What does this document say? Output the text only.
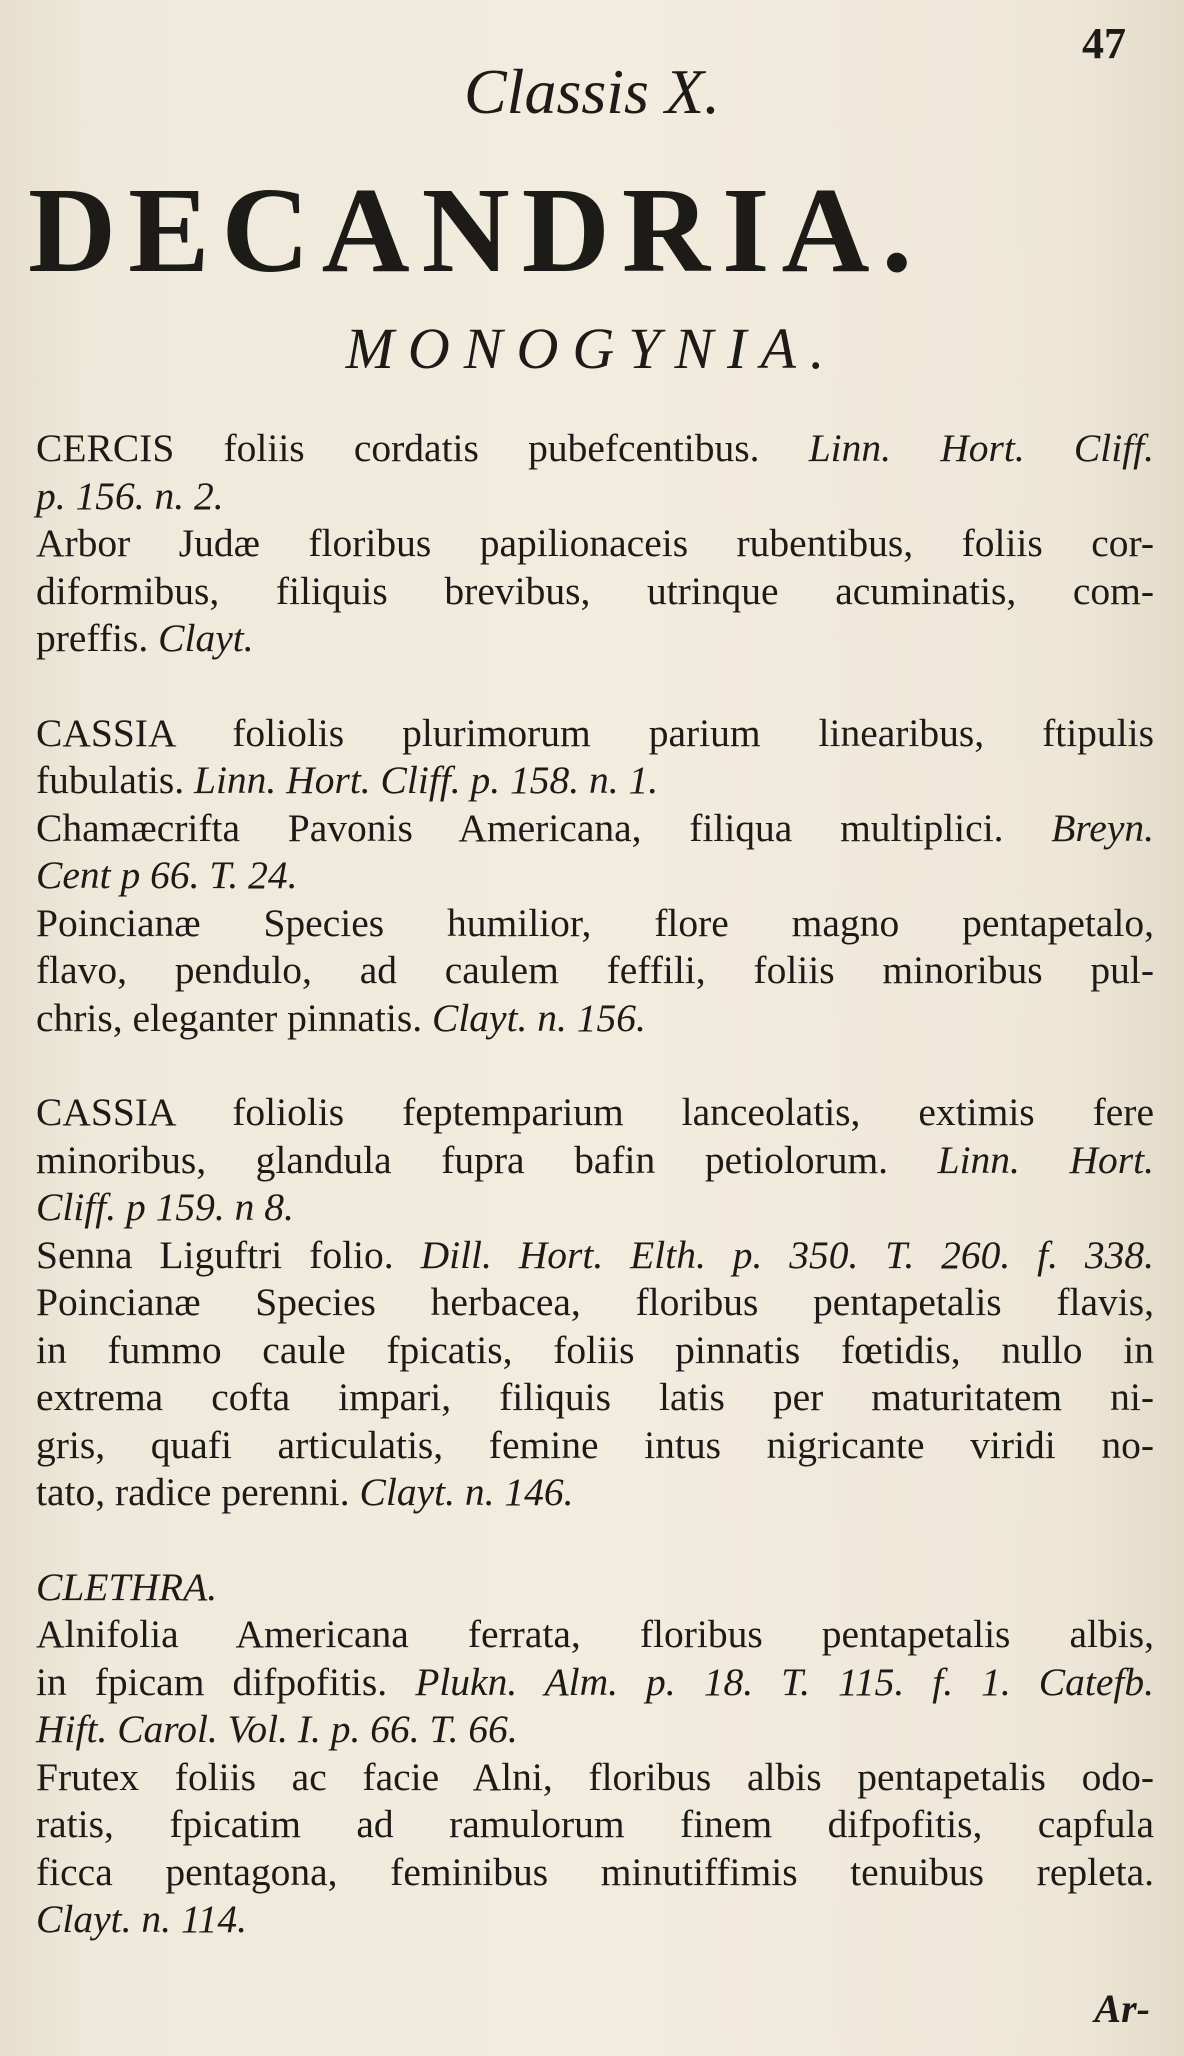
47
Classis X.
DECANDRIA.
MONOGYNIA.
CERCIS foliis cordatis pubefcentibus. Linn. Hort. Cliff.
p. 156. n. 2.
Arbor Judæ floribus papilionaceis rubentibus, foliis cor-
diformibus, filiquis brevibus, utrinque acuminatis, com-
preffis. Clayt.
CASSIA foliolis plurimorum parium linearibus, ftipulis
fubulatis. Linn. Hort. Cliff. p. 158. n. 1.
Chamæcrifta Pavonis Americana, filiqua multiplici. Breyn.
Cent p 66. T. 24.
Poincianæ Species humilior, flore magno pentapetalo,
flavo, pendulo, ad caulem feffili, foliis minoribus pul-
chris, eleganter pinnatis. Clayt. n. 156.
CASSIA foliolis feptemparium lanceolatis, extimis fere
minoribus, glandula fupra bafin petiolorum. Linn. Hort.
Cliff. p 159. n 8.
Senna Liguftri folio. Dill. Hort. Elth. p. 350. T. 260. f. 338.
Poincianæ Species herbacea, floribus pentapetalis flavis,
in fummo caule fpicatis, foliis pinnatis fœtidis, nullo in
extrema cofta impari, filiquis latis per maturitatem ni-
gris, quafi articulatis, femine intus nigricante viridi no-
tato, radice perenni. Clayt. n. 146.
CLETHRA.
Alnifolia Americana ferrata, floribus pentapetalis albis,
in fpicam difpofitis. Plukn. Alm. p. 18. T. 115. f. 1. Catefb.
Hift. Carol. Vol. I. p. 66. T. 66.
Frutex foliis ac facie Alni, floribus albis pentapetalis odo-
ratis, fpicatim ad ramulorum finem difpofitis, capfula
ficca pentagona, feminibus minutiffimis tenuibus repleta.
Clayt. n. 114.
Ar-
